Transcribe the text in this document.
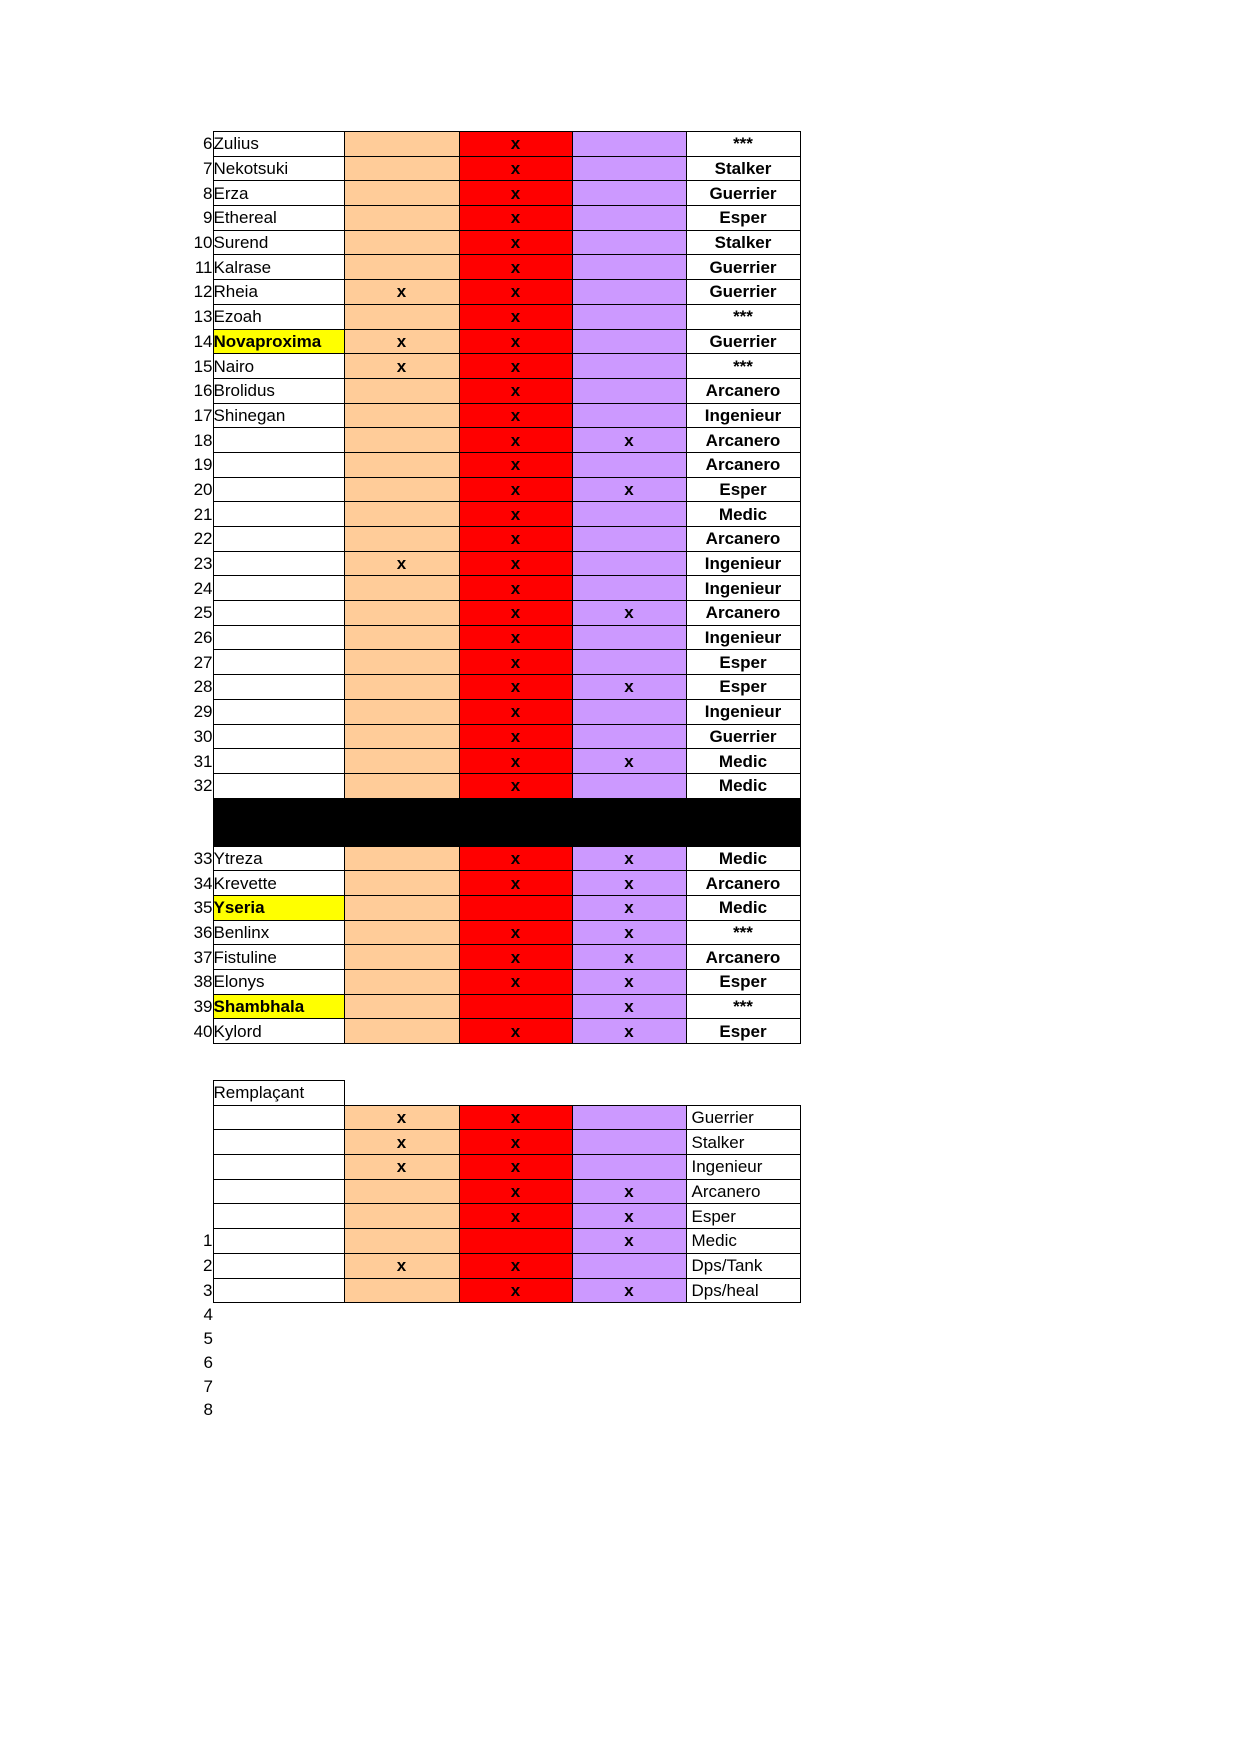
6	Zulius		x		***
7	Nekotsuki		x		Stalker
8	Erza		x		Guerrier
9	Ethereal		x		Esper
10	Surend		x		Stalker
11	Kalrase		x		Guerrier
12	Rheia	x	x		Guerrier
13	Ezoah		x		***
14	Novaproxima	x	x		Guerrier
15	Nairo	x	x		***
16	Brolidus		x		Arcanero
17	Shinegan		x		Ingenieur
18			x	x	Arcanero
19			x		Arcanero
20			x	x	Esper
21			x		Medic
22			x		Arcanero
23		x	x		Ingenieur
24			x		Ingenieur
25			x	x	Arcanero
26			x		Ingenieur
27			x		Esper
28			x	x	Esper
29			x		Ingenieur
30			x		Guerrier
31			x	x	Medic
32			x		Medic

33	Ytreza		x	x	Medic
34	Krevette		x	x	Arcanero
35	Yseria			x	Medic
36	Benlinx		x	x	***
37	Fistuline		x	x	Arcanero
38	Elonys		x	x	Esper
39	Shambhala			x	***
40	Kylord		x	x	Esper
	Remplaçant				
		x	x		Guerrier
		x	x		Stalker
		x	x		Ingenieur
			x	x	Arcanero
			x	x	Esper
1				x	Medic
2		x	x		Dps/Tank
3			x	x	Dps/heal
4					
5					
6					
7					
8					
